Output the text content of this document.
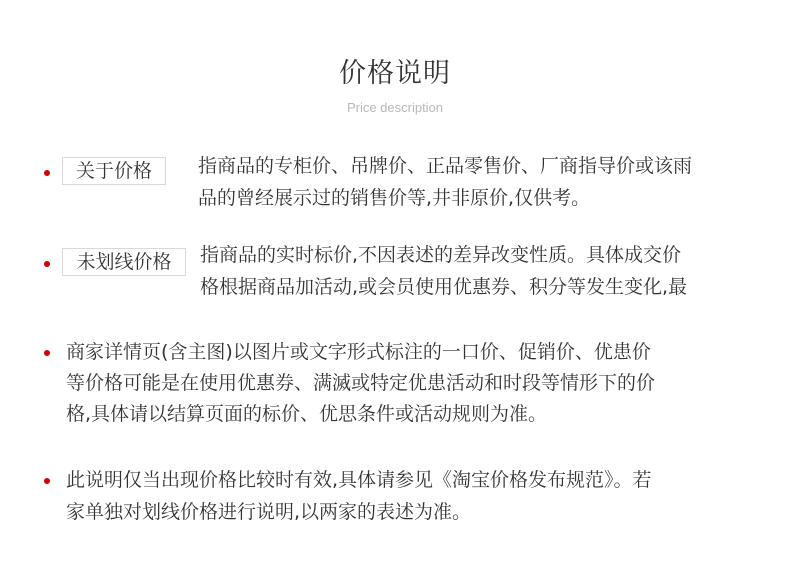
价格说明
Price description
关于价格	指商品的专柜价、吊牌价、正品零售价、厂商指导价或该雨
品的曾经展示过的销售价等,井非原价,仅供考。
未划线价格	指商品的实时标价,不因表述的差异改变性质。具体成交价
格根据商品加活动,或会员使用优惠券、积分等发生变化,最
商家详情页(含主图)以图片或文字形式标注的一口价、促销价、优患价
等价格可能是在使用优惠券、满滅或特定优患活动和时段等情形下的价
格,具体请以结算页面的标价、优思条件或活动规则为准。
此说明仅当出现价格比较时有效,具体请参见《淘宝价格发布规范》。若
家单独对划线价格进行说明,以两家的表述为准。
